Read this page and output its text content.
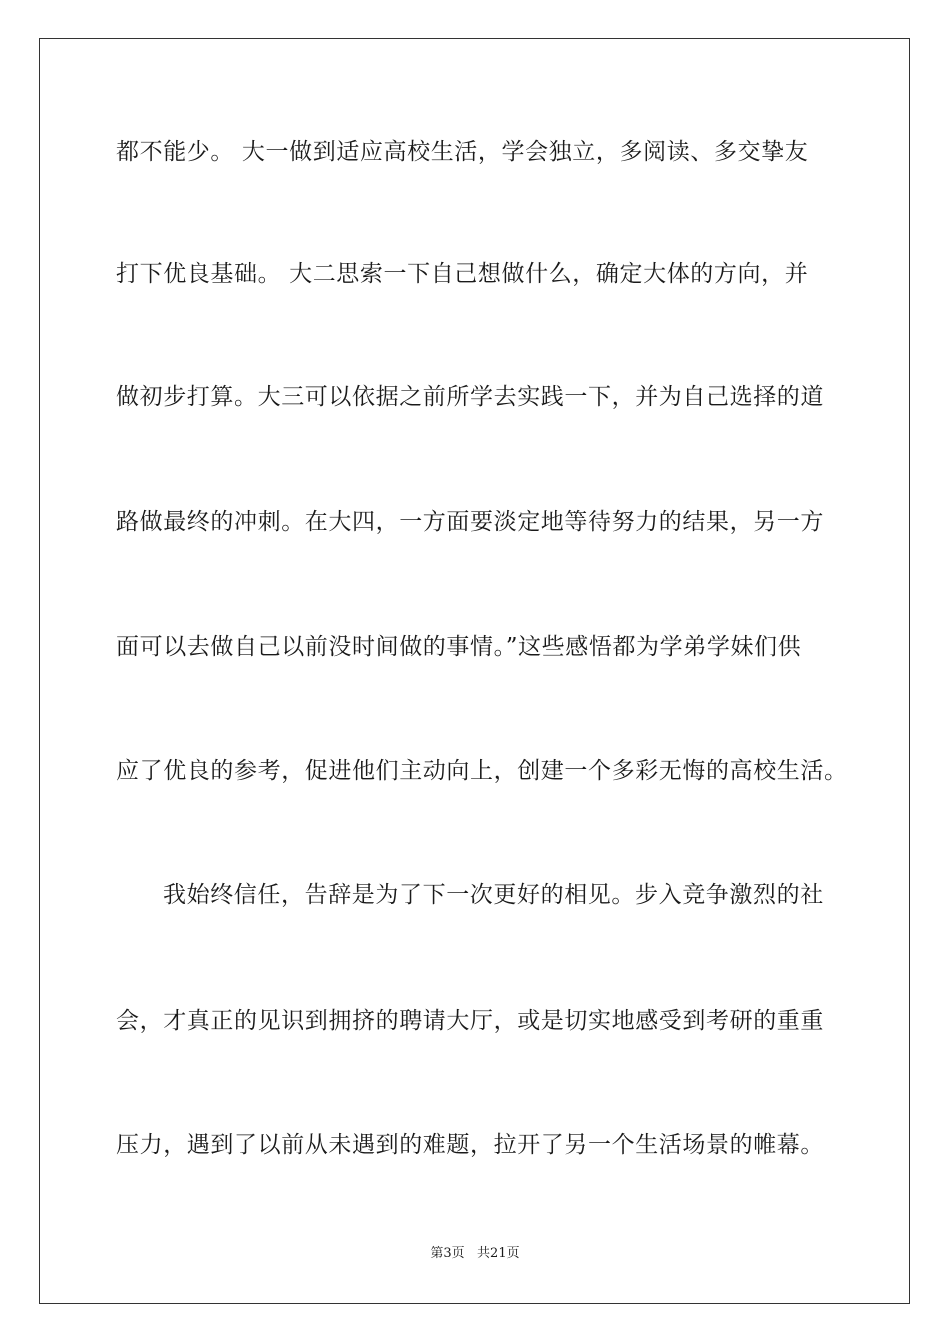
都不能少。 大一做到适应高校生活，学会独立，多阅读、多交挚友
打下优良基础。 大二思索一下自己想做什么，确定大体的方向，并
做初步打算。大三可以依据之前所学去实践一下，并为自己选择的道
路做最终的冲刺。在大四，一方面要淡定地等待努力的结果，另一方
面可以去做自己以前没时间做的事情。”这些感悟都为学弟学妹们供
应了优良的参考，促进他们主动向上，创建一个多彩无悔的高校生活。
我始终信任，告辞是为了下一次更好的相见。步入竞争激烈的社
会，才真正的见识到拥挤的聘请大厅，或是切实地感受到考研的重重
压力，遇到了以前从未遇到的难题，拉开了另一个生活场景的帷幕。
第3页   共21页
